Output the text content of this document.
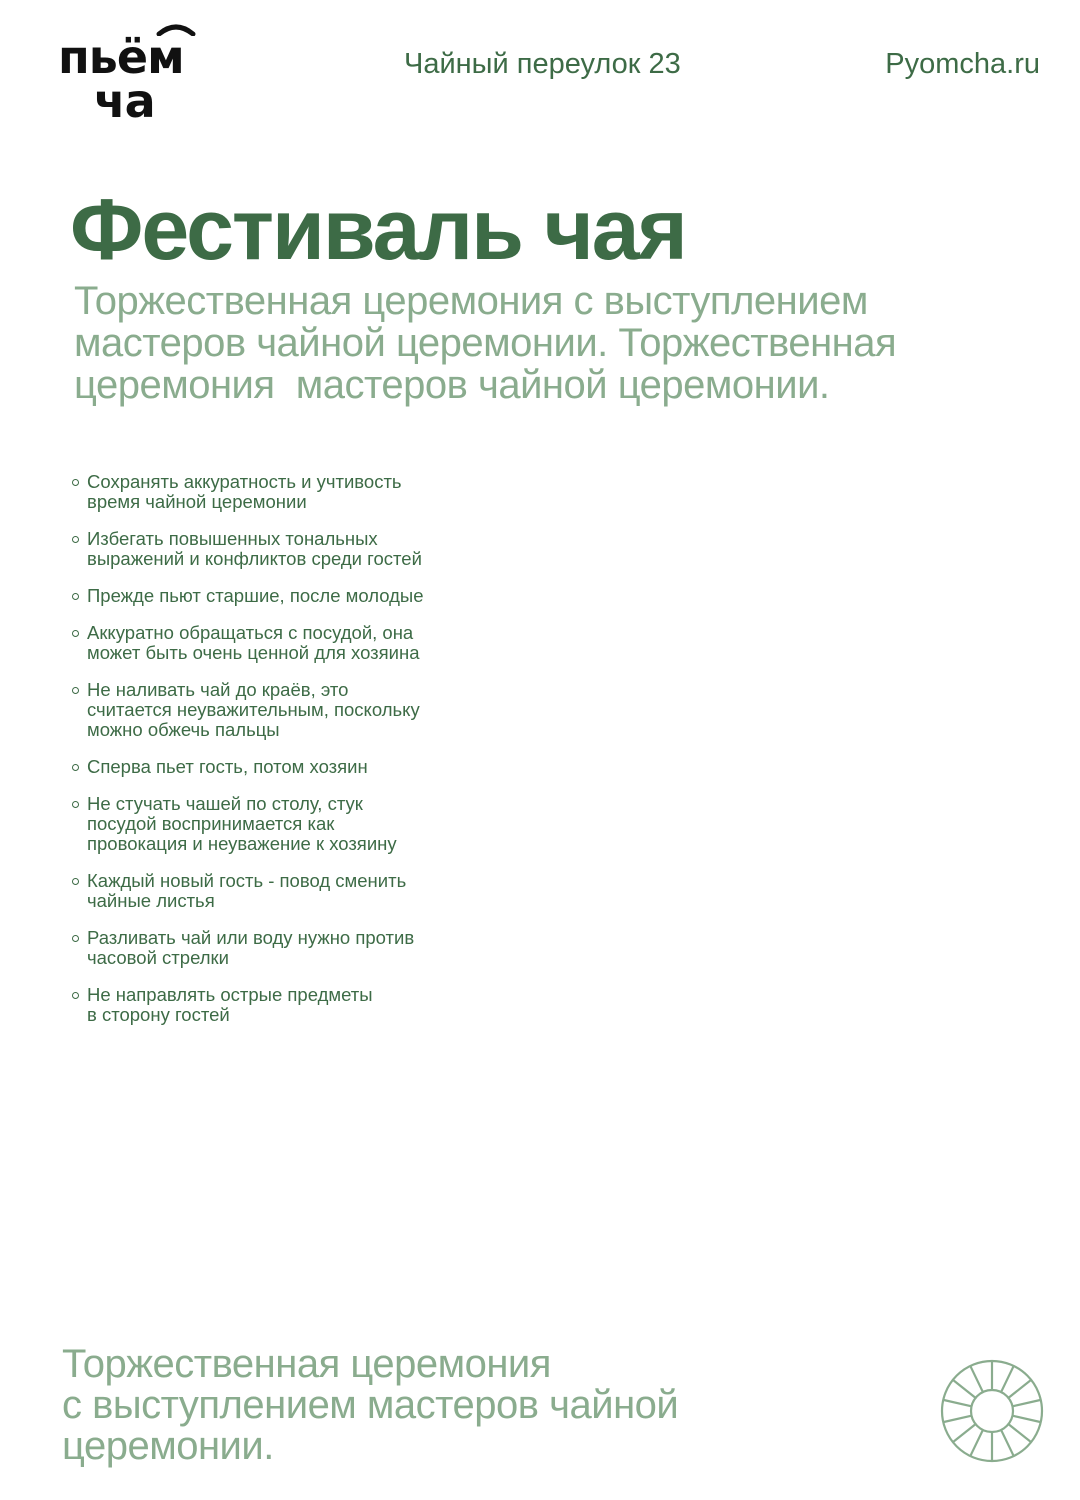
пьём
ча
Чайный переулок 23	Pyomcha.ru
Фестиваль чая

Торжественная церемония с выступлением
мастеров чайной церемонии. Торжественная
церемония  мастеров чайной церемонии.

Сохранять аккуратность и учтивость
время чайной церемонии
Избегать повышенных тональных
выражений и конфликтов среди гостей
Прежде пьют старшие, после молодые
Аккуратно обращаться с посудой, она
может быть очень ценной для хозяина
Не наливать чай до краёв, это
считается неуважительным, поскольку
можно обжечь пальцы
Сперва пьет гость, потом хозяин
Не стучать чашей по столу, стук
посудой воспринимается как
провокация и неуважение к хозяину
Каждый новый гость - повод сменить
чайные листья
Разливать чай или воду нужно против
часовой стрелки
Не направлять острые предметы
в сторону гостей

Торжественная церемония
с выступлением мастеров чайной
церемонии.
